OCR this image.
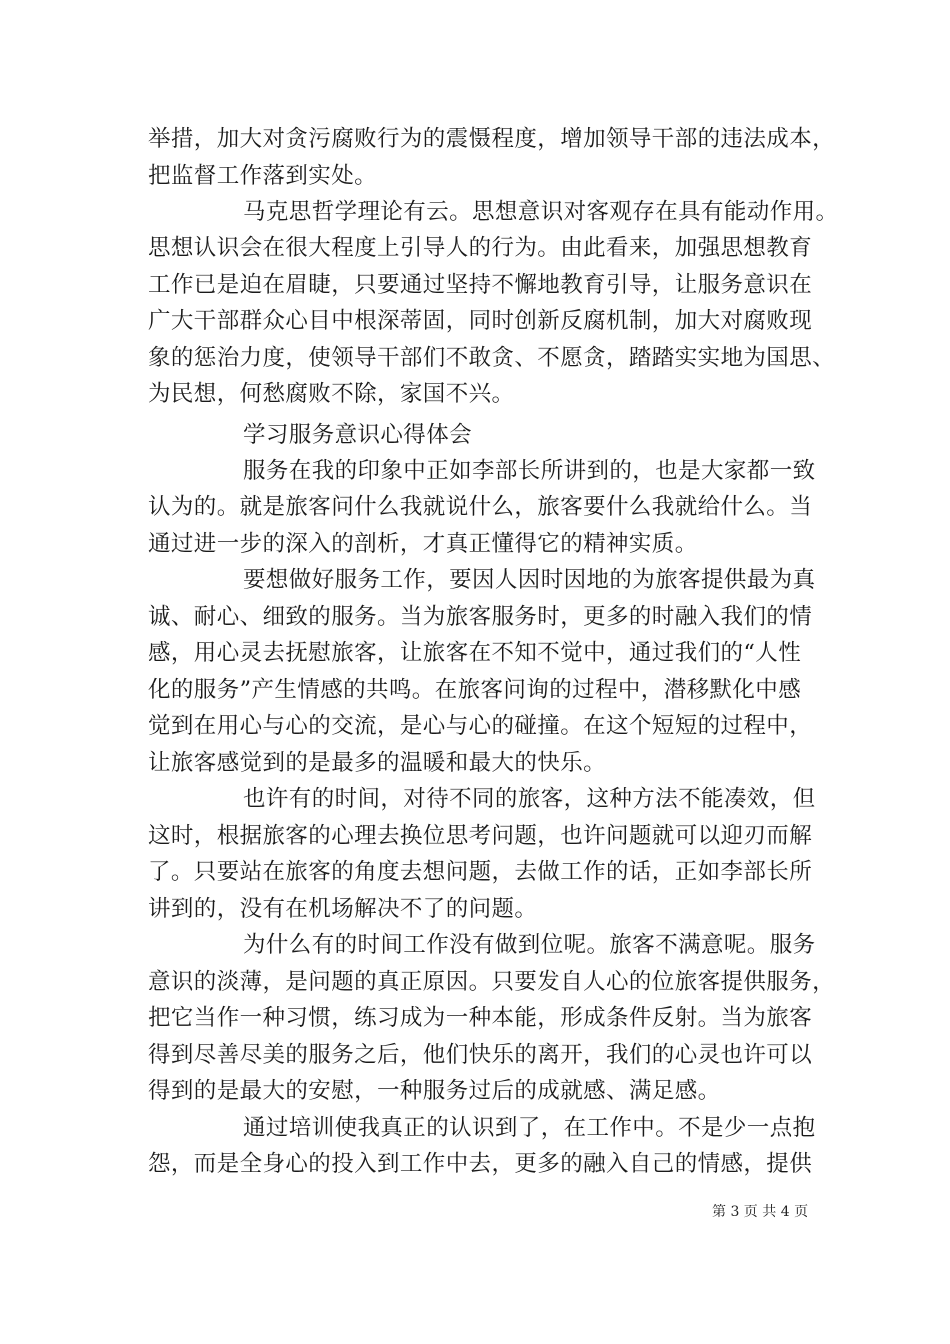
举措，加大对贪污腐败行为的震慑程度，增加领导干部的违法成本，
把监督工作落到实处。
马克思哲学理论有云。思想意识对客观存在具有能动作用。
思想认识会在很大程度上引导人的行为。由此看来，加强思想教育
工作已是迫在眉睫，只要通过坚持不懈地教育引导，让服务意识在
广大干部群众心目中根深蒂固，同时创新反腐机制，加大对腐败现
象的惩治力度，使领导干部们不敢贪、不愿贪，踏踏实实地为国思、
为民想，何愁腐败不除，家国不兴。
学习服务意识心得体会
服务在我的印象中正如李部长所讲到的，也是大家都一致
认为的。就是旅客问什么我就说什么，旅客要什么我就给什么。当
通过进一步的深入的剖析，才真正懂得它的精神实质。
要想做好服务工作，要因人因时因地的为旅客提供最为真
诚、耐心、细致的服务。当为旅客服务时，更多的时融入我们的情
感，用心灵去抚慰旅客，让旅客在不知不觉中，通过我们的“人性
化的服务”产生情感的共鸣。在旅客问询的过程中，潜移默化中感
觉到在用心与心的交流，是心与心的碰撞。在这个短短的过程中，
让旅客感觉到的是最多的温暖和最大的快乐。
也许有的时间，对待不同的旅客，这种方法不能凑效，但
这时，根据旅客的心理去换位思考问题，也许问题就可以迎刃而解
了。只要站在旅客的角度去想问题，去做工作的话，正如李部长所
讲到的，没有在机场解决不了的问题。
为什么有的时间工作没有做到位呢。旅客不满意呢。服务
意识的淡薄，是问题的真正原因。只要发自人心的位旅客提供服务，
把它当作一种习惯，练习成为一种本能，形成条件反射。当为旅客
得到尽善尽美的服务之后，他们快乐的离开，我们的心灵也许可以
得到的是最大的安慰，一种服务过后的成就感、满足感。
通过培训使我真正的认识到了，在工作中。不是少一点抱
怨，而是全身心的投入到工作中去，更多的融入自己的情感，提供
第 3 页 共 4 页
